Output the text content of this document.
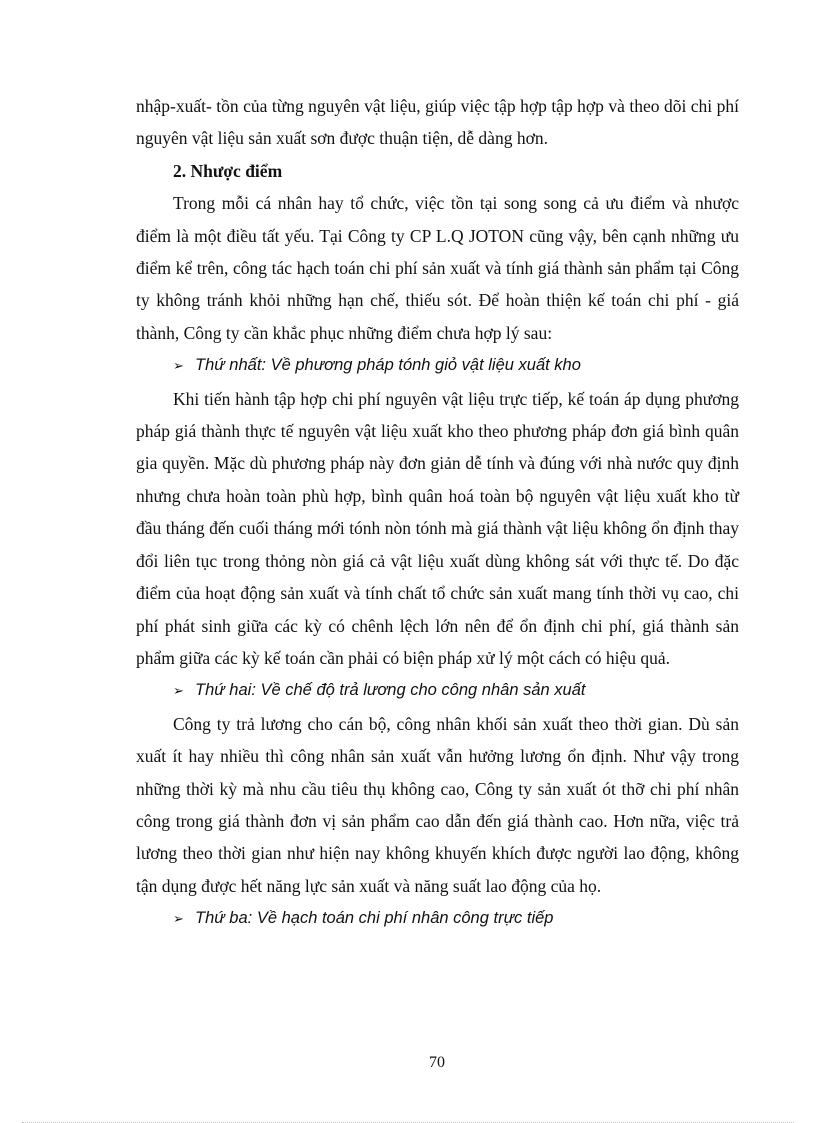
nhập-xuất- tồn của từng nguyên vật liệu, giúp việc tập hợp tập hợp và theo dõi chi phí nguyên vật liệu sản xuất sơn được thuận tiện, dễ dàng hơn.

2. Nhược điểm

Trong mỗi cá nhân hay tổ chức, việc tồn tại song song cả ưu điểm và nhược điểm là một điều tất yếu. Tại Công ty CP L.Q JOTON cũng vậy, bên cạnh những ưu điểm kể trên, công tác hạch toán chi phí sản xuất và tính giá thành sản phẩm tại Công ty không tránh khỏi những hạn chế, thiếu sót. Để hoàn thiện kế toán chi phí - giá thành, Công ty cần khắc phục những điểm chưa hợp lý sau:

➢ Thứ nhất: Về phương pháp tónh giỏ vật liệu xuất kho

Khi tiến hành tập hợp chi phí nguyên vật liệu trực tiếp, kế toán áp dụng phương pháp giá thành thực tế nguyên vật liệu xuất kho theo phương pháp đơn giá bình quân gia quyền. Mặc dù phương pháp này đơn giản dễ tính và đúng với nhà nước quy định nhưng chưa hoàn toàn phù hợp, bình quân hoá toàn bộ nguyên vật liệu xuất kho từ đầu tháng đến cuối tháng mới tónh nòn tónh mà giá thành vật liệu không ổn định thay đổi liên tục trong thỏng nòn giá cả vật liệu xuất dùng không sát với thực tế. Do đặc điểm của hoạt động sản xuất và tính chất tổ chức sản xuất mang tính thời vụ cao, chi phí phát sinh giữa các kỳ có chênh lệch lớn nên để ổn định chi phí, giá thành sản phẩm giữa các kỳ kế toán cần phải có biện pháp xử lý một cách có hiệu quả.

➢ Thứ hai: Về chế độ trả lương cho công nhân sản xuất

Công ty trả lương cho cán bộ, công nhân khối sản xuất theo thời gian. Dù sản xuất ít hay nhiều thì công nhân sản xuất vẫn hưởng lương ổn định. Như vậy trong những thời kỳ mà nhu cầu tiêu thụ không cao, Công ty sản xuất ót thỡ chi phí nhân công trong giá thành đơn vị sản phẩm cao dẫn đến giá thành cao. Hơn nữa, việc trả lương theo thời gian như hiện nay không khuyến khích được người lao động, không tận dụng được hết năng lực sản xuất và năng suất lao động của họ.

➢ Thứ ba: Về hạch toán chi phí nhân công trực tiếp

70
